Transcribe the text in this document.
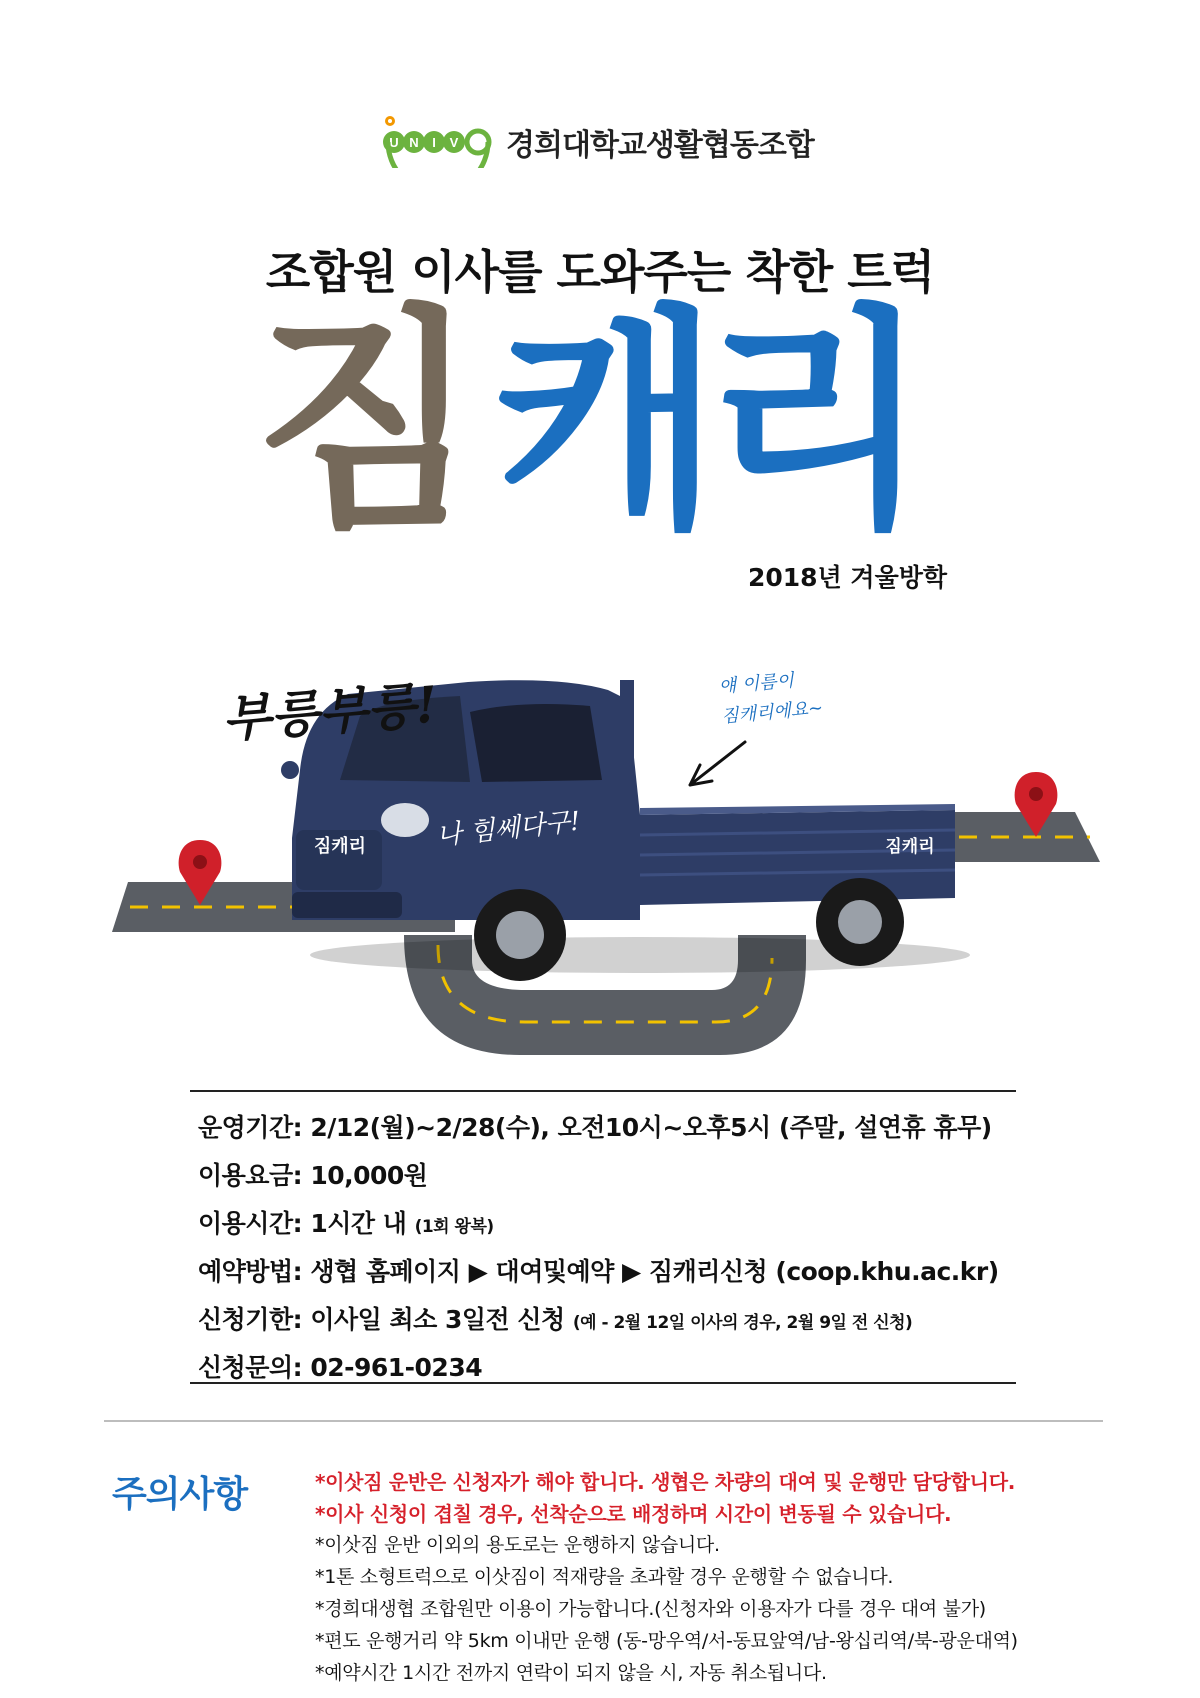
U N I V 경희대학교생활협동조합
조합원 이사를 도와주는 착한 트럭
짐 캐리
2018년 겨울방학
짐캐리	짐캐리
부릉부릉!	얘 이름이
짐캐리에요~
나 힘쎄다구!
운영기간: 2/12(월)~2/28(수), 오전10시~오후5시 (주말, 설연휴 휴무)
이용요금: 10,000원
이용시간: 1시간 내 (1회 왕복)
예약방법: 생협 홈페이지 ▶ 대여및예약 ▶ 짐캐리신청 (coop.khu.ac.kr)
신청기한: 이사일 최소 3일전 신청 (예 - 2월 12일 이사의 경우, 2월 9일 전 신청)
신청문의: 02-961-0234
주의사항	*이삿짐 운반은 신청자가 해야 합니다. 생협은 차량의 대여 및 운행만 담당합니다.
*이사 신청이 겹칠 경우, 선착순으로 배정하며 시간이 변동될 수 있습니다.
*이삿짐 운반 이외의 용도로는 운행하지 않습니다.
*1톤 소형트럭으로 이삿짐이 적재량을 초과할 경우 운행할 수 없습니다.
*경희대생협 조합원만 이용이 가능합니다.(신청자와 이용자가 다를 경우 대여 불가)
*편도 운행거리 약 5km 이내만 운행 (동-망우역/서-동묘앞역/남-왕십리역/북-광운대역)
*예약시간 1시간 전까지 연락이 되지 않을 시, 자동 취소됩니다.
